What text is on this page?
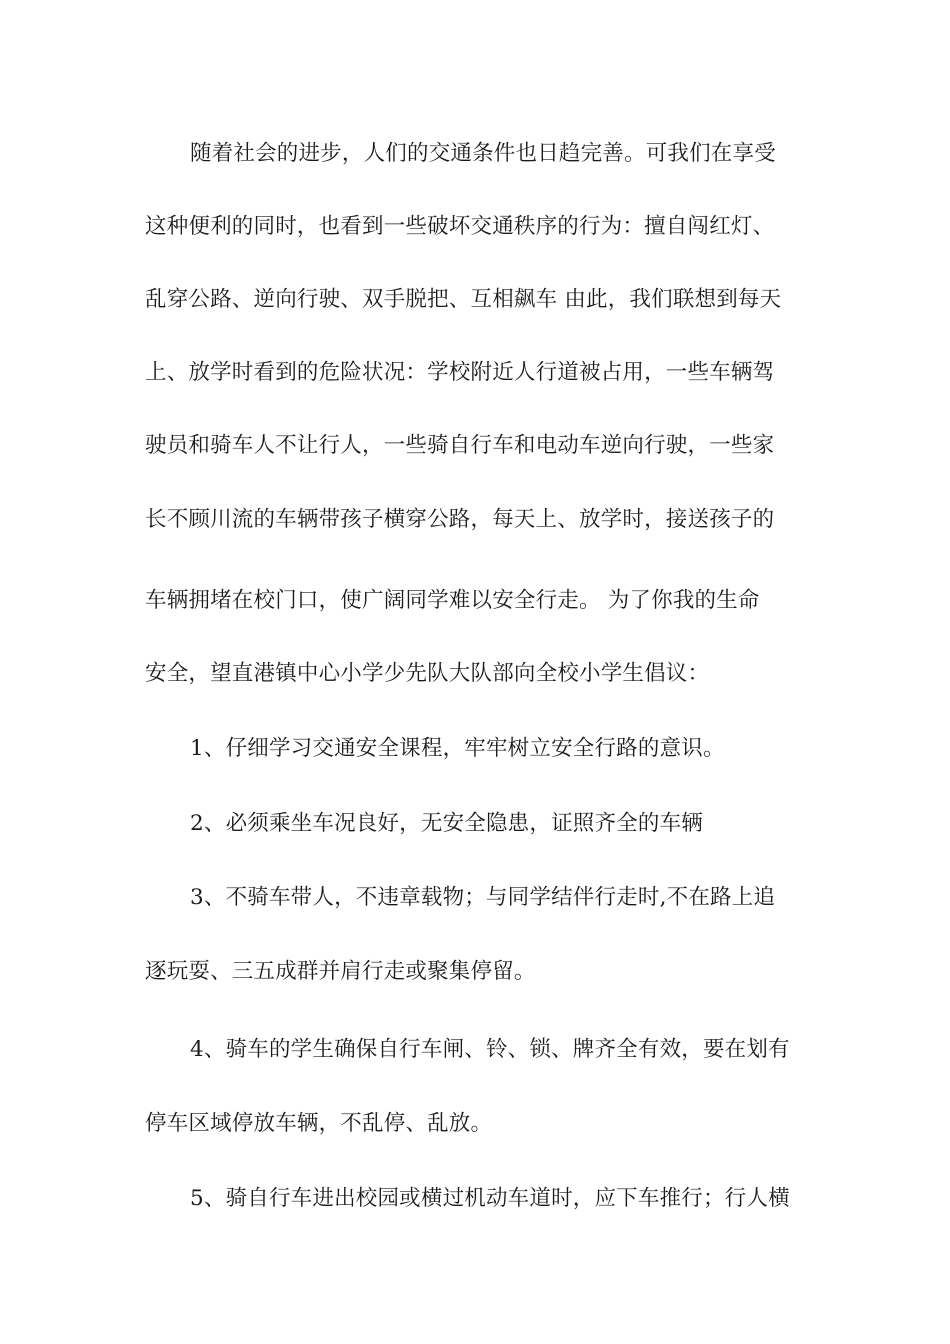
随着社会的进步，人们的交通条件也日趋完善。可我们在享受
这种便利的同时，也看到一些破坏交通秩序的行为：擅自闯红灯、
乱穿公路、逆向行驶、双手脱把、互相飙车 由此，我们联想到每天
上、放学时看到的危险状况：学校附近人行道被占用，一些车辆驾
驶员和骑车人不让行人，一些骑自行车和电动车逆向行驶，一些家
长不顾川流的车辆带孩子横穿公路，每天上、放学时，接送孩子的
车辆拥堵在校门口，使广阔同学难以安全行走。 为了你我的生命
安全，望直港镇中心小学少先队大队部向全校小学生倡议：
1、仔细学习交通安全课程，牢牢树立安全行路的意识。
2、必须乘坐车况良好，无安全隐患，证照齐全的车辆
3、不骑车带人，不违章载物；与同学结伴行走时,不在路上追
逐玩耍、三五成群并肩行走或聚集停留。
4、骑车的学生确保自行车闸、铃、锁、牌齐全有效，要在划有
停车区域停放车辆，不乱停、乱放。
5、骑自行车进出校园或横过机动车道时，应下车推行；行人横
